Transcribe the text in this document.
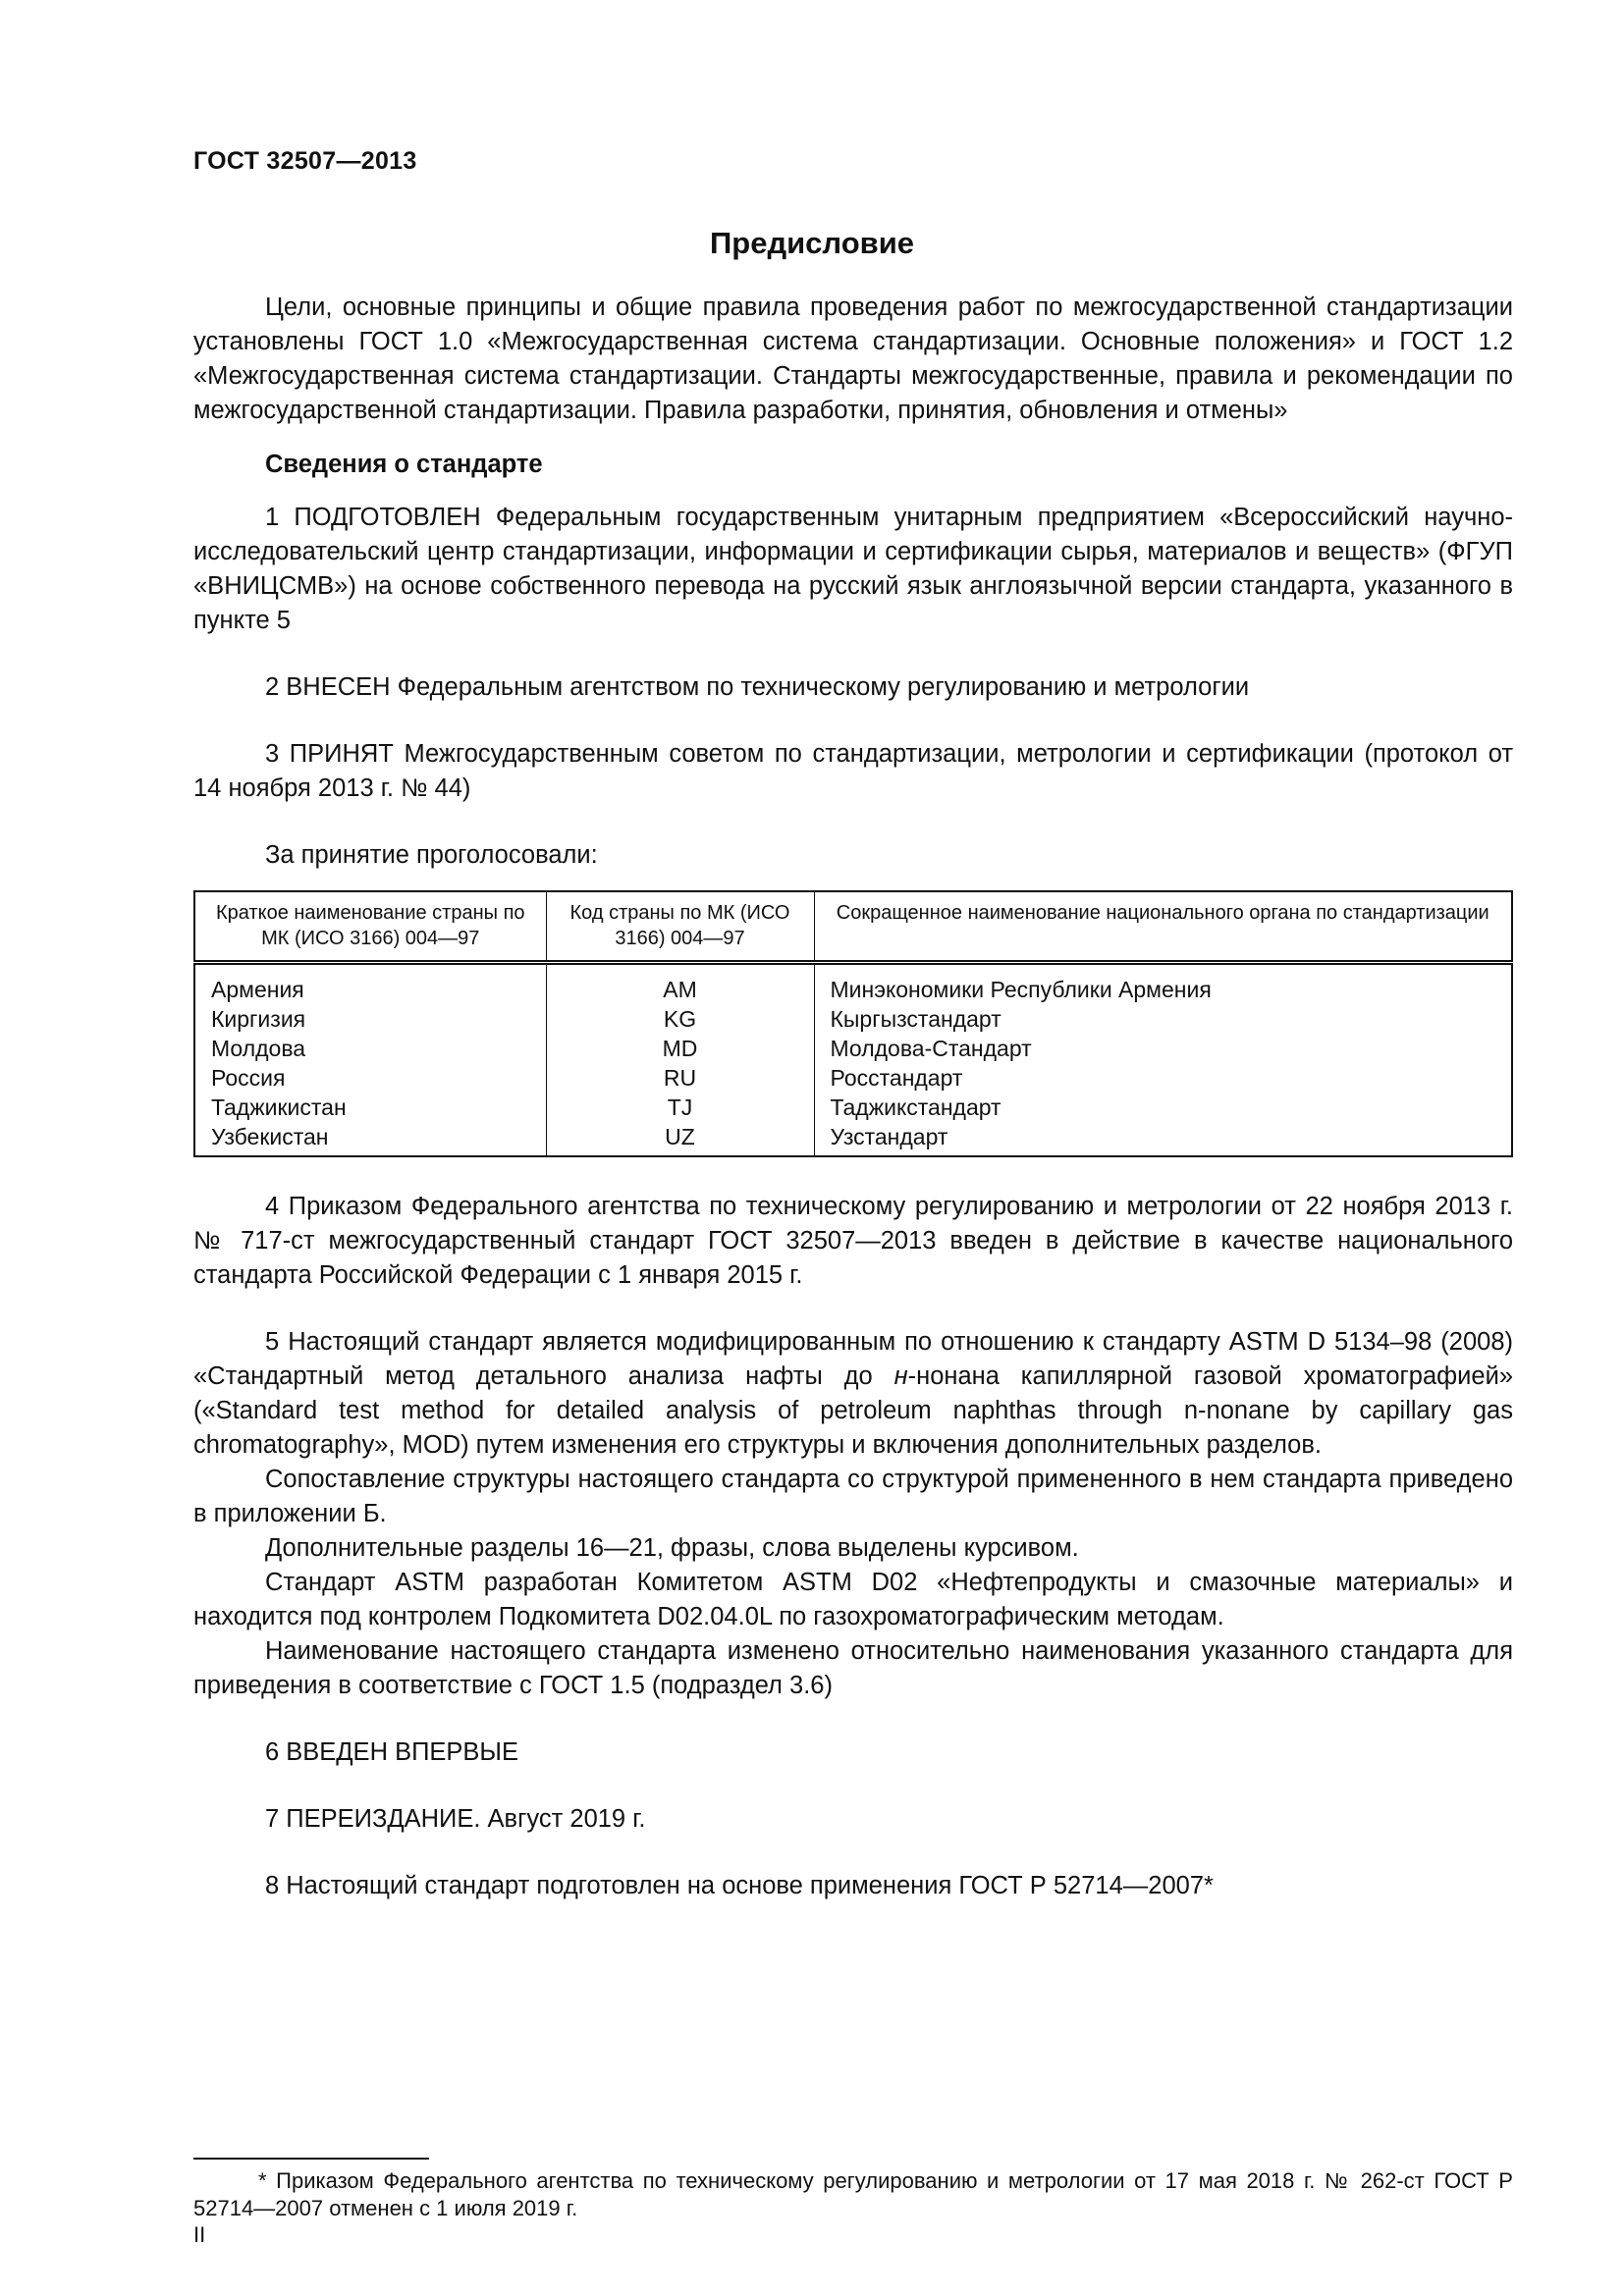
ГОСТ 32507—2013
Предисловие

Цели, основные принципы и общие правила проведения работ по межгосударственной стандартизации установлены ГОСТ 1.0 «Межгосударственная система стандартизации. Основные положения» и ГОСТ 1.2 «Межгосударственная система стандартизации. Стандарты межгосударственные, правила и рекомендации по межгосударственной стандартизации. Правила разработки, принятия, обновления и отмены»

Сведения о стандарте

1 ПОДГОТОВЛЕН Федеральным государственным унитарным предприятием «Всероссийский научно-исследовательский центр стандартизации, информации и сертификации сырья, материалов и веществ» (ФГУП «ВНИЦСМВ») на основе собственного перевода на русский язык англоязычной версии стандарта, указанного в пункте 5

2 ВНЕСЕН Федеральным агентством по техническому регулированию и метрологии

3 ПРИНЯТ Межгосударственным советом по стандартизации, метрологии и сертификации (протокол от 14 ноября 2013 г. № 44)

За принятие проголосовали:

Краткое наименование страны по МК (ИСО 3166) 004—97	Код страны по МК (ИСО 3166) 004—97	Сокращенное наименование национального органа по стандартизации
Армения	AM	Минэкономики Республики Армения
Киргизия	KG	Кыргызстандарт
Молдова	MD	Молдова-Стандарт
Россия	RU	Росстандарт
Таджикистан	TJ	Таджикстандарт
Узбекистан	UZ	Узстандарт

4 Приказом Федерального агентства по техническому регулированию и метрологии от 22 ноября 2013 г. № 717-ст межгосударственный стандарт ГОСТ 32507—2013 введен в действие в качестве национального стандарта Российской Федерации с 1 января 2015 г.

5 Настоящий стандарт является модифицированным по отношению к стандарту ASTM D 5134–98 (2008) «Стандартный метод детального анализа нафты до н-нонана капиллярной газовой хроматографией» («Standard test method for detailed analysis of petroleum naphthas through n-nonane by capillary gas chromatography», MOD) путем изменения его структуры и включения дополнительных разделов.

Сопоставление структуры настоящего стандарта со структурой примененного в нем стандарта приведено в приложении Б.

Дополнительные разделы 16—21, фразы, слова выделены курсивом.

Стандарт ASTM разработан Комитетом ASTM D02 «Нефтепродукты и смазочные материалы» и находится под контролем Подкомитета D02.04.0L по газохроматографическим методам.

Наименование настоящего стандарта изменено относительно наименования указанного стандарта для приведения в соответствие с ГОСТ 1.5 (подраздел 3.6)

6 ВВЕДЕН ВПЕРВЫЕ

7 ПЕРЕИЗДАНИЕ. Август 2019 г.

8 Настоящий стандарт подготовлен на основе применения ГОСТ Р 52714—2007*

* Приказом Федерального агентства по техническому регулированию и метрологии от 17 мая 2018 г. № 262-ст ГОСТ Р 52714—2007 отменен с 1 июля 2019 г.

II
